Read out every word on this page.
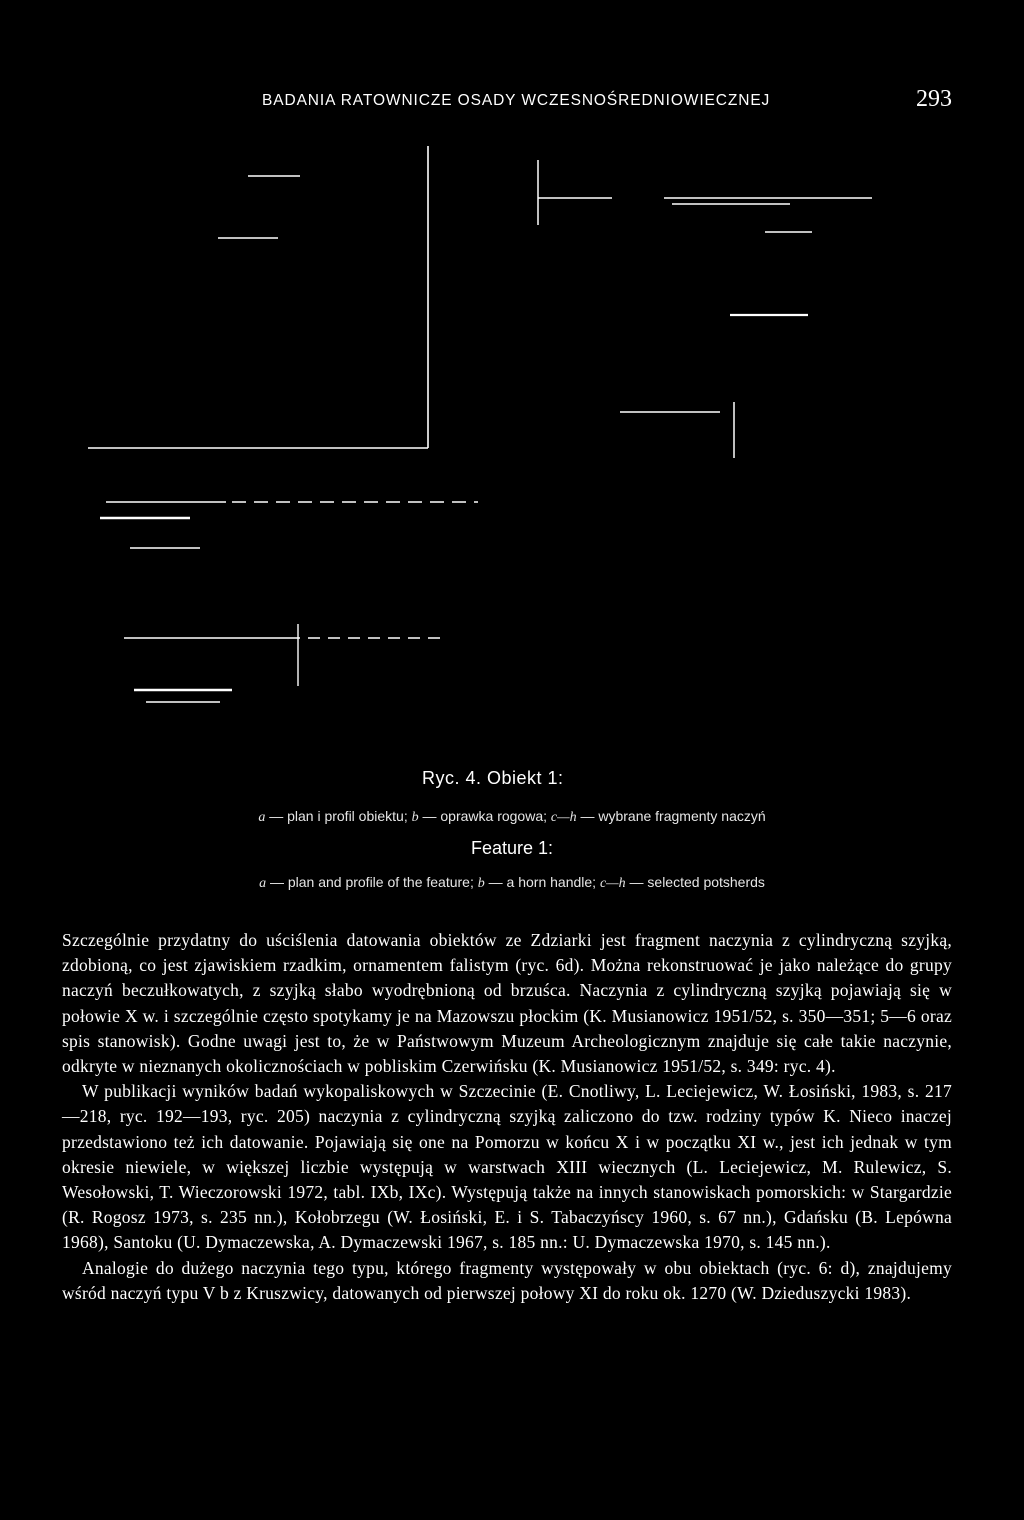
BADANIA RATOWNICZE OSADY WCZESNOŚREDNIOWIECZNEJ	293
Ryc. 4. Obiekt 1:
a — plan i profil obiektu; b — oprawka rogowa; c—h — wybrane fragmenty naczyń
Feature 1:
a — plan and profile of the feature; b — a horn handle; c—h — selected potsherds

Szczególnie przydatny do uściślenia datowania obiektów ze Zdziarki jest fragment naczynia z cylindryczną szyjką, zdobioną, co jest zjawiskiem rzadkim, ornamentem falistym (ryc. 6d). Można rekonstruować je jako należące do grupy naczyń beczułkowatych, z szyjką słabo wyodrębnioną od brzuśca. Naczynia z cylindryczną szyjką pojawiają się w połowie X w. i szczególnie często spotykamy je na Mazowszu płockim (K. Musianowicz 1951/52, s. 350—351; 5—6 oraz spis stanowisk). Godne uwagi jest to, że w Państwowym Muzeum Archeologicznym znajduje się całe takie naczynie, odkryte w nieznanych okolicznościach w pobliskim Czerwińsku (K. Musianowicz 1951/52, s. 349: ryc. 4).

W publikacji wyników badań wykopaliskowych w Szczecinie (E. Cnotliwy, L. Leciejewicz, W. Łosiński, 1983, s. 217—218, ryc. 192—193, ryc. 205) naczynia z cylindryczną szyjką zaliczono do tzw. rodziny typów K. Nieco inaczej przedstawiono też ich datowanie. Pojawiają się one na Pomorzu w końcu X i w początku XI w., jest ich jednak w tym okresie niewiele, w większej liczbie występują w warstwach XIII wiecznych (L. Leciejewicz, M. Rulewicz, S. Wesołowski, T. Wieczorowski 1972, tabl. IXb, IXc). Występują także na innych stanowiskach pomorskich: w Stargardzie (R. Rogosz 1973, s. 235 nn.), Kołobrzegu (W. Łosiński, E. i S. Tabaczyńscy 1960, s. 67 nn.), Gdańsku (B. Lepówna 1968), Santoku (U. Dymaczewska, A. Dymaczewski 1967, s. 185 nn.: U. Dymaczewska 1970, s. 145 nn.).

Analogie do dużego naczynia tego typu, którego fragmenty występowały w obu obiektach (ryc. 6: d), znajdujemy wśród naczyń typu V b z Kruszwicy, datowanych od pierwszej połowy XI do roku ok. 1270 (W. Dzieduszycki 1983).
